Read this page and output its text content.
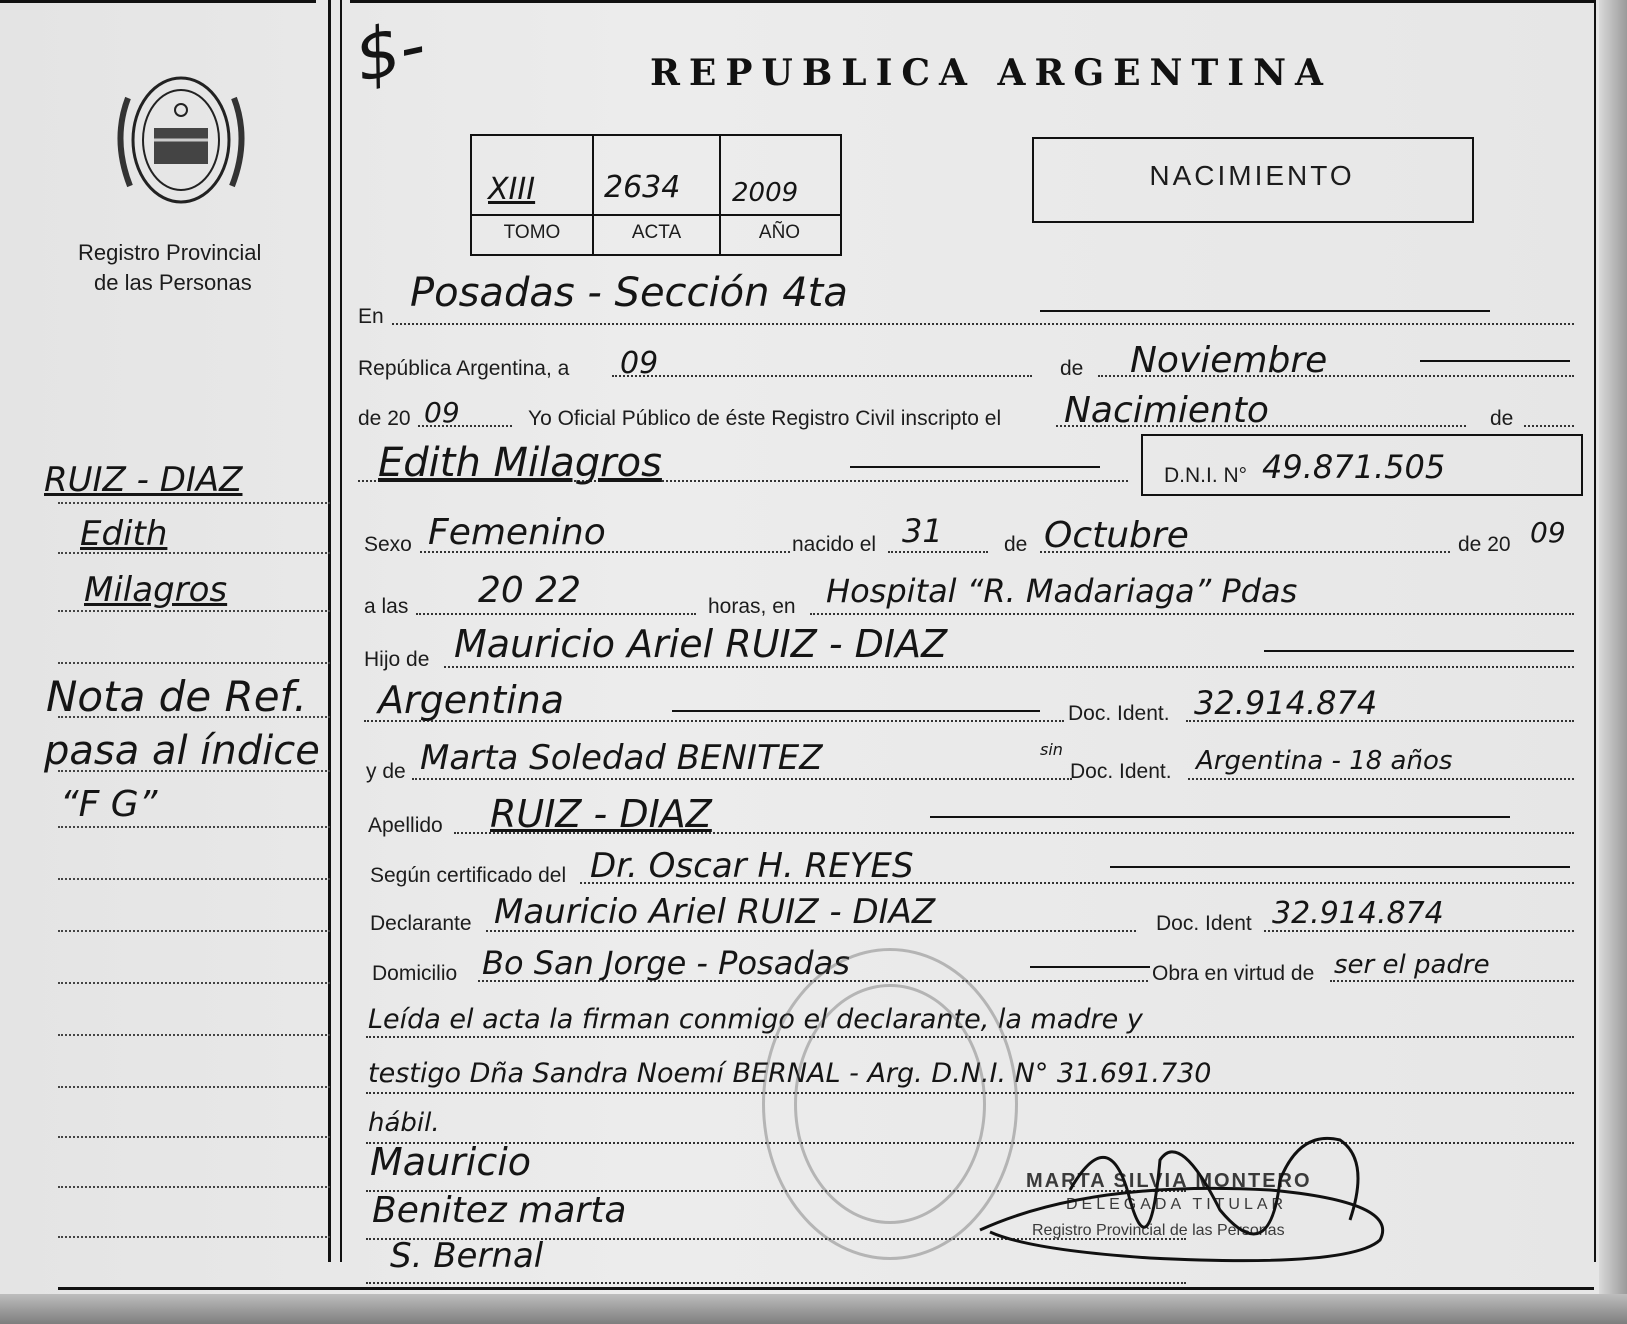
$-	REPUBLICA ARGENTINA
Registro Provincial
de las Personas
XIII 2634 2009
TOMO	ACTA	AÑO
NACIMIENTO
En
Posadas - Sección 4ta
República Argentina, a 09	de Noviembre
de 20 09	Yo Oficial Público de éste Registro Civil inscripto el Nacimiento	de
Edith Milagros	D.N.I. N° 49.871.505
Sexo Femenino	nacido el 31	de Octubre	de 20 09
a las 20 22	horas, en Hospital “R. Madariaga” Pdas
Hijo de Mauricio Ariel RUIZ - DIAZ
Argentina	Doc. Ident. 32.914.874
y de Marta Soledad BENITEZ	sin
Doc. Ident. Argentina - 18 años
Apellido RUIZ - DIAZ
Según certificado del Dr. Oscar H. REYES
Declarante Mauricio Ariel RUIZ - DIAZ	Doc. Ident 32.914.874
Domicilio Bo San Jorge - Posadas	Obra en virtud de ser el padre
Leída el acta la firman conmigo el declarante, la madre y
testigo Dña Sandra Noemí BERNAL - Arg. D.N.I. N° 31.691.730
hábil.
Mauricio
Benitez marta
S. Bernal
MARTA SILVIA MONTERO
DELEGADA TITULAR
Registro Provincial de las Personas
RUIZ - DIAZ
Edith
Milagros
Nota de Ref.
pasa al índice
“F G”
